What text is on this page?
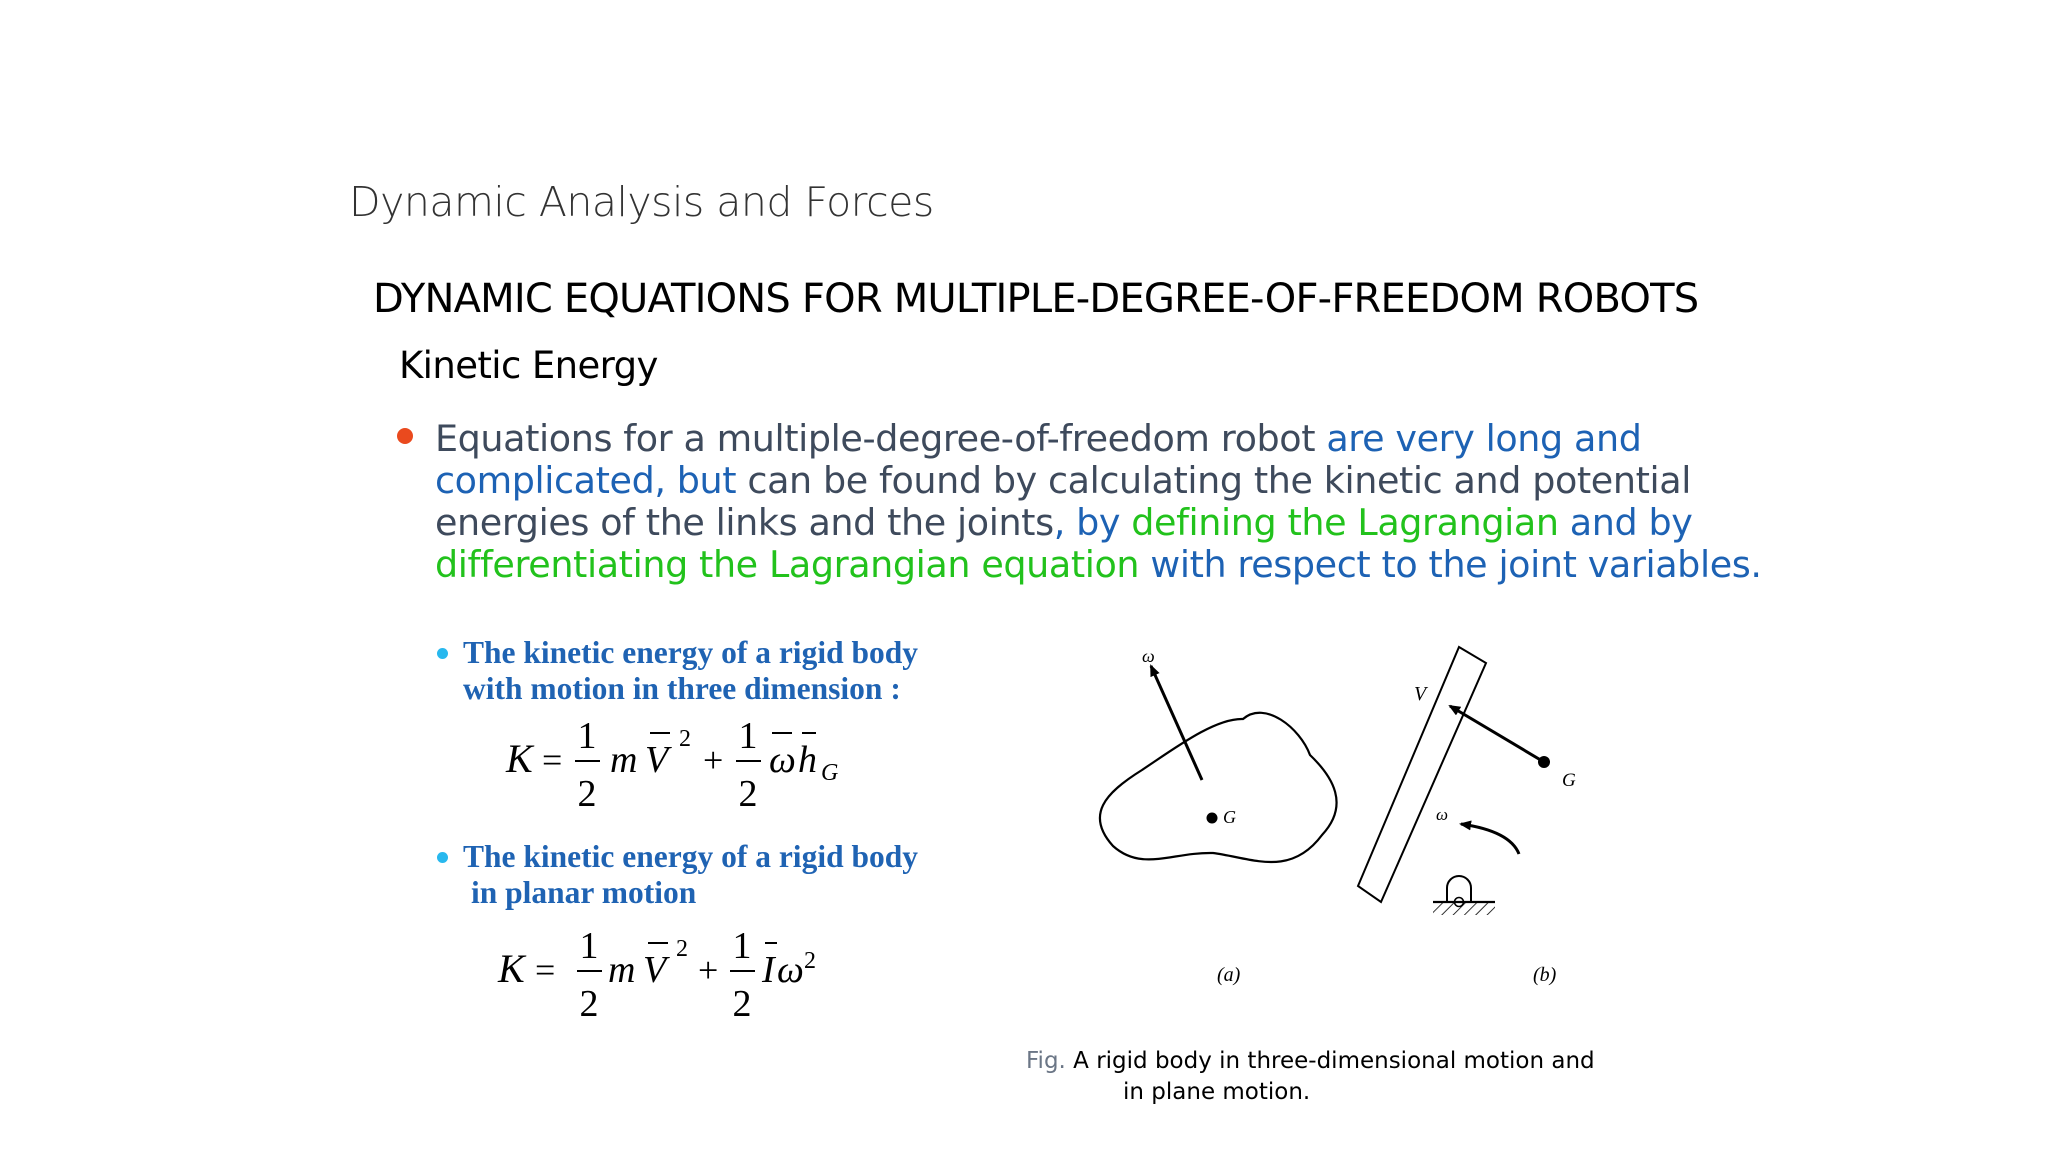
Dynamic Analysis and Forces
DYNAMIC EQUATIONS FOR MULTIPLE-DEGREE-OF-FREEDOM ROBOTS
Kinetic Energy
Equations for a multiple-degree-of-freedom robot are very long and
complicated, but can be found by calculating the kinetic and potential
energies of the links and the joints, by defining the Lagrangian and by
differentiating the Lagrangian equation with respect to the joint variables.
The kinetic energy of a rigid body
with motion in three dimension :
The kinetic energy of a rigid body
in planar motion
K =
1
2
m V 2
+
1
2
ω h G
K =
1
2
m V 2
+
1
2
I ω 2
ω
G
(a)
V
G
ω
(b)
Fig. A rigid body in three-dimensional motion and
in plane motion.
